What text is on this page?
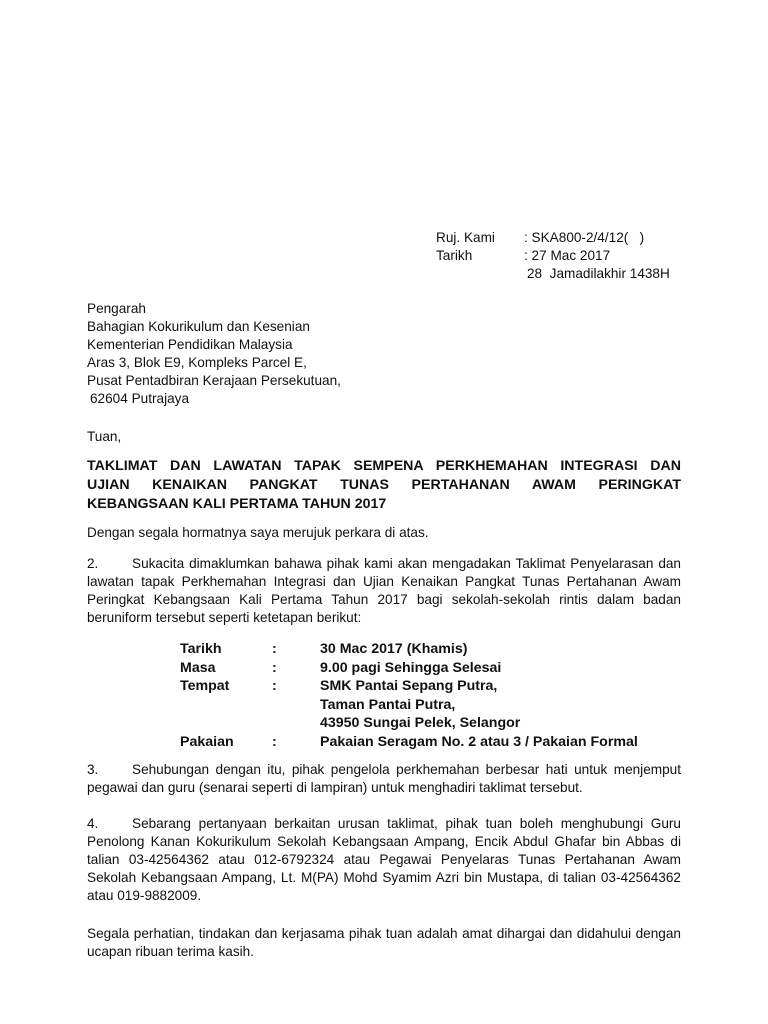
Ruj. Kami	: SKA800-2/4/12(   )
Tarikh	: 27 Mac 2017
28  Jamadilakhir 1438H
Pengarah
Bahagian Kokurikulum dan Kesenian
Kementerian Pendidikan Malaysia
Aras 3, Blok E9, Kompleks Parcel E,
Pusat Pentadbiran Kerajaan Persekutuan,
62604 Putrajaya
Tuan,
TAKLIMAT DAN LAWATAN TAPAK SEMPENA PERKHEMAHAN INTEGRASI DAN
UJIAN KENAIKAN PANGKAT TUNAS PERTAHANAN AWAM PERINGKAT
KEBANGSAAN KALI PERTAMA TAHUN 2017
Dengan segala hormatnya saya merujuk perkara di atas.
2. Sukacita dimaklumkan bahawa pihak kami akan mengadakan Taklimat Penyelarasan dan
lawatan tapak Perkhemahan Integrasi dan Ujian Kenaikan Pangkat Tunas Pertahanan Awam
Peringkat Kebangsaan Kali Pertama Tahun 2017 bagi sekolah-sekolah rintis dalam badan
beruniform tersebut seperti ketetapan berikut:
Tarikh	:	30 Mac 2017 (Khamis)
Masa	:	9.00 pagi Sehingga Selesai
Tempat	:	SMK Pantai Sepang Putra,
Taman Pantai Putra,
43950 Sungai Pelek, Selangor
Pakaian	:	Pakaian Seragam No. 2 atau 3 / Pakaian Formal
3. Sehubungan dengan itu, pihak pengelola perkhemahan berbesar hati untuk menjemput
pegawai dan guru (senarai seperti di lampiran) untuk menghadiri taklimat tersebut.
4. Sebarang pertanyaan berkaitan urusan taklimat, pihak tuan boleh menghubungi Guru
Penolong Kanan Kokurikulum Sekolah Kebangsaan Ampang, Encik Abdul Ghafar bin Abbas di
talian 03-42564362 atau 012-6792324 atau Pegawai Penyelaras Tunas Pertahanan Awam
Sekolah Kebangsaan Ampang, Lt. M(PA) Mohd Syamim Azri bin Mustapa, di talian 03-42564362
atau 019-9882009.
Segala perhatian, tindakan dan kerjasama pihak tuan adalah amat dihargai dan didahului dengan
ucapan ribuan terima kasih.
